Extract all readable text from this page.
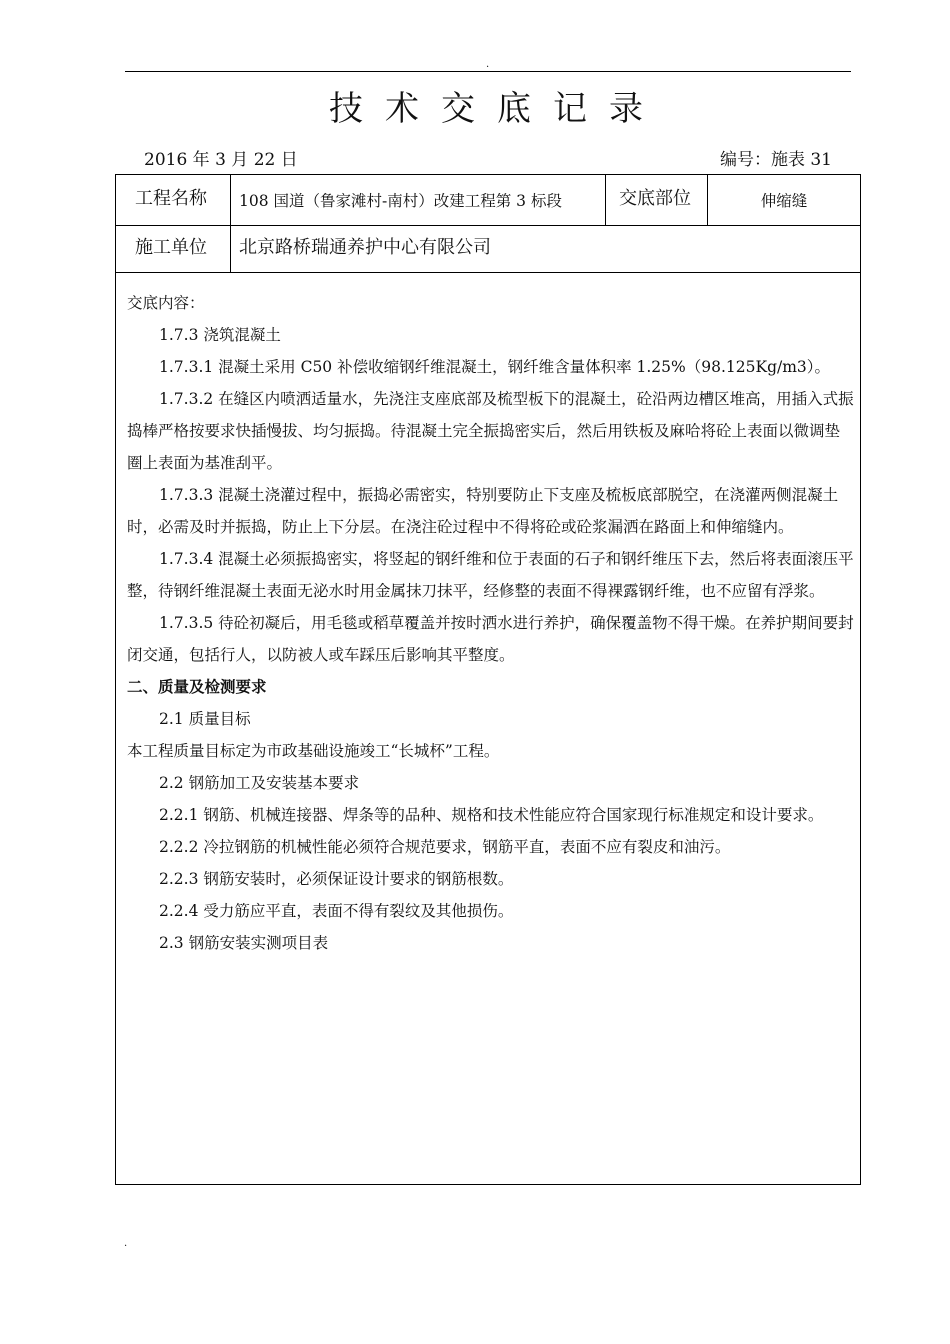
.
技术交底记录
2016 年 3 月 22 日	编号：施表 31
工程名称 108 国道（鲁家滩村-南村）改建工程第 3 标段	交底部位	伸缩缝
施工单位 北京路桥瑞通养护中心有限公司

交底内容：

1.7.3 浇筑混凝土

1.7.3.1 混凝土采用 C50 补偿收缩钢纤维混凝土，钢纤维含量体积率 1.25%（98.125Kg/m3）。

1.7.3.2 在缝区内喷洒适量水，先浇注支座底部及梳型板下的混凝土，砼沿两边槽区堆高，用插入式振捣棒严格按要求快插慢拔、均匀振捣。待混凝土完全振捣密实后，然后用铁板及麻哈将砼上表面以微调垫圈上表面为基准刮平。

1.7.3.3 混凝土浇灌过程中，振捣必需密实，特别要防止下支座及梳板底部脱空，在浇灌两侧混凝土时，必需及时并振捣，防止上下分层。在浇注砼过程中不得将砼或砼浆漏洒在路面上和伸缩缝内。

1.7.3.4 混凝土必须振捣密实，将竖起的钢纤维和位于表面的石子和钢纤维压下去，然后将表面滚压平整，待钢纤维混凝土表面无泌水时用金属抹刀抹平，经修整的表面不得裸露钢纤维，也不应留有浮浆。

1.7.3.5 待砼初凝后，用毛毯或稻草覆盖并按时洒水进行养护，确保覆盖物不得干燥。在养护期间要封闭交通，包括行人，以防被人或车踩压后影响其平整度。

二、质量及检测要求

2.1 质量目标

本工程质量目标定为市政基础设施竣工“长城杯”工程。

2.2 钢筋加工及安装基本要求

2.2.1 钢筋、机械连接器、焊条等的品种、规格和技术性能应符合国家现行标准规定和设计要求。

2.2.2 冷拉钢筋的机械性能必须符合规范要求，钢筋平直，表面不应有裂皮和油污。

2.2.3 钢筋安装时，必须保证设计要求的钢筋根数。

2.2.4 受力筋应平直，表面不得有裂纹及其他损伤。

2.3 钢筋安装实测项目表

.
